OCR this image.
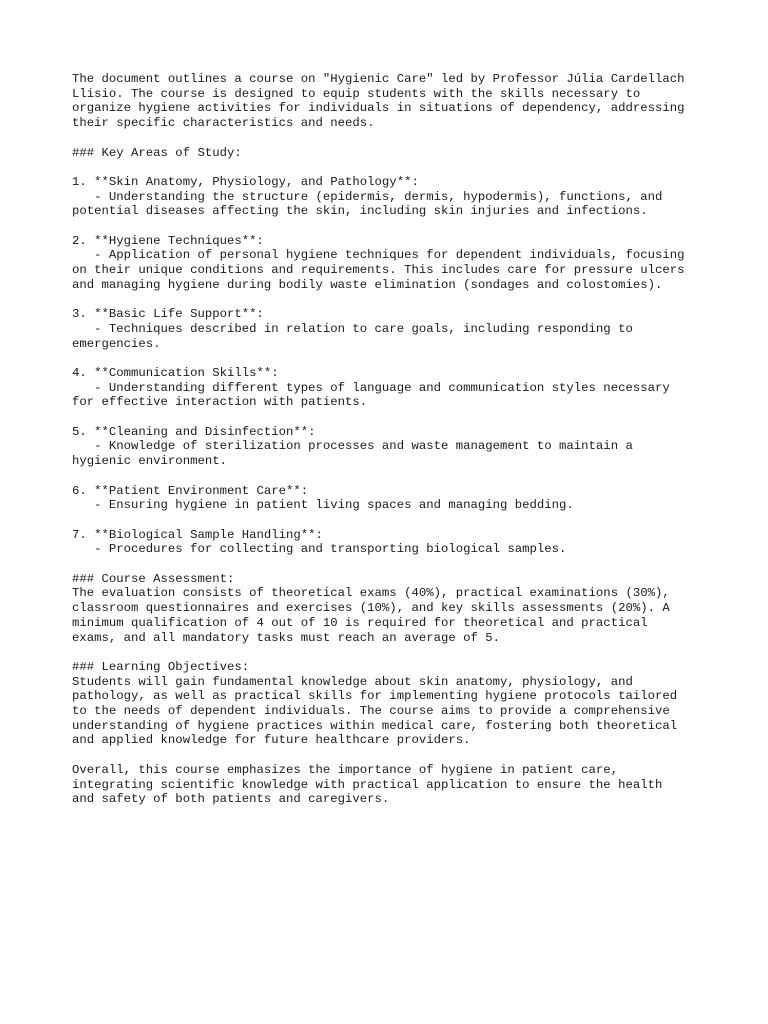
The document outlines a course on "Hygienic Care" led by Professor Júlia Cardellach

Llisio. The course is designed to equip students with the skills necessary to

organize hygiene activities for individuals in situations of dependency, addressing

their specific characteristics and needs.

### Key Areas of Study:

1. **Skin Anatomy, Physiology, and Pathology**:

- Understanding the structure (epidermis, dermis, hypodermis), functions, and

potential diseases affecting the skin, including skin injuries and infections.

2. **Hygiene Techniques**:

- Application of personal hygiene techniques for dependent individuals, focusing

on their unique conditions and requirements. This includes care for pressure ulcers

and managing hygiene during bodily waste elimination (sondages and colostomies).

3. **Basic Life Support**:

- Techniques described in relation to care goals, including responding to

emergencies.

4. **Communication Skills**:

- Understanding different types of language and communication styles necessary

for effective interaction with patients.

5. **Cleaning and Disinfection**:

- Knowledge of sterilization processes and waste management to maintain a

hygienic environment.

6. **Patient Environment Care**:

- Ensuring hygiene in patient living spaces and managing bedding.

7. **Biological Sample Handling**:

- Procedures for collecting and transporting biological samples.

### Course Assessment:

The evaluation consists of theoretical exams (40%), practical examinations (30%),

classroom questionnaires and exercises (10%), and key skills assessments (20%). A

minimum qualification of 4 out of 10 is required for theoretical and practical

exams, and all mandatory tasks must reach an average of 5.

### Learning Objectives:

Students will gain fundamental knowledge about skin anatomy, physiology, and

pathology, as well as practical skills for implementing hygiene protocols tailored

to the needs of dependent individuals. The course aims to provide a comprehensive

understanding of hygiene practices within medical care, fostering both theoretical

and applied knowledge for future healthcare providers.

Overall, this course emphasizes the importance of hygiene in patient care,

integrating scientific knowledge with practical application to ensure the health

and safety of both patients and caregivers.
